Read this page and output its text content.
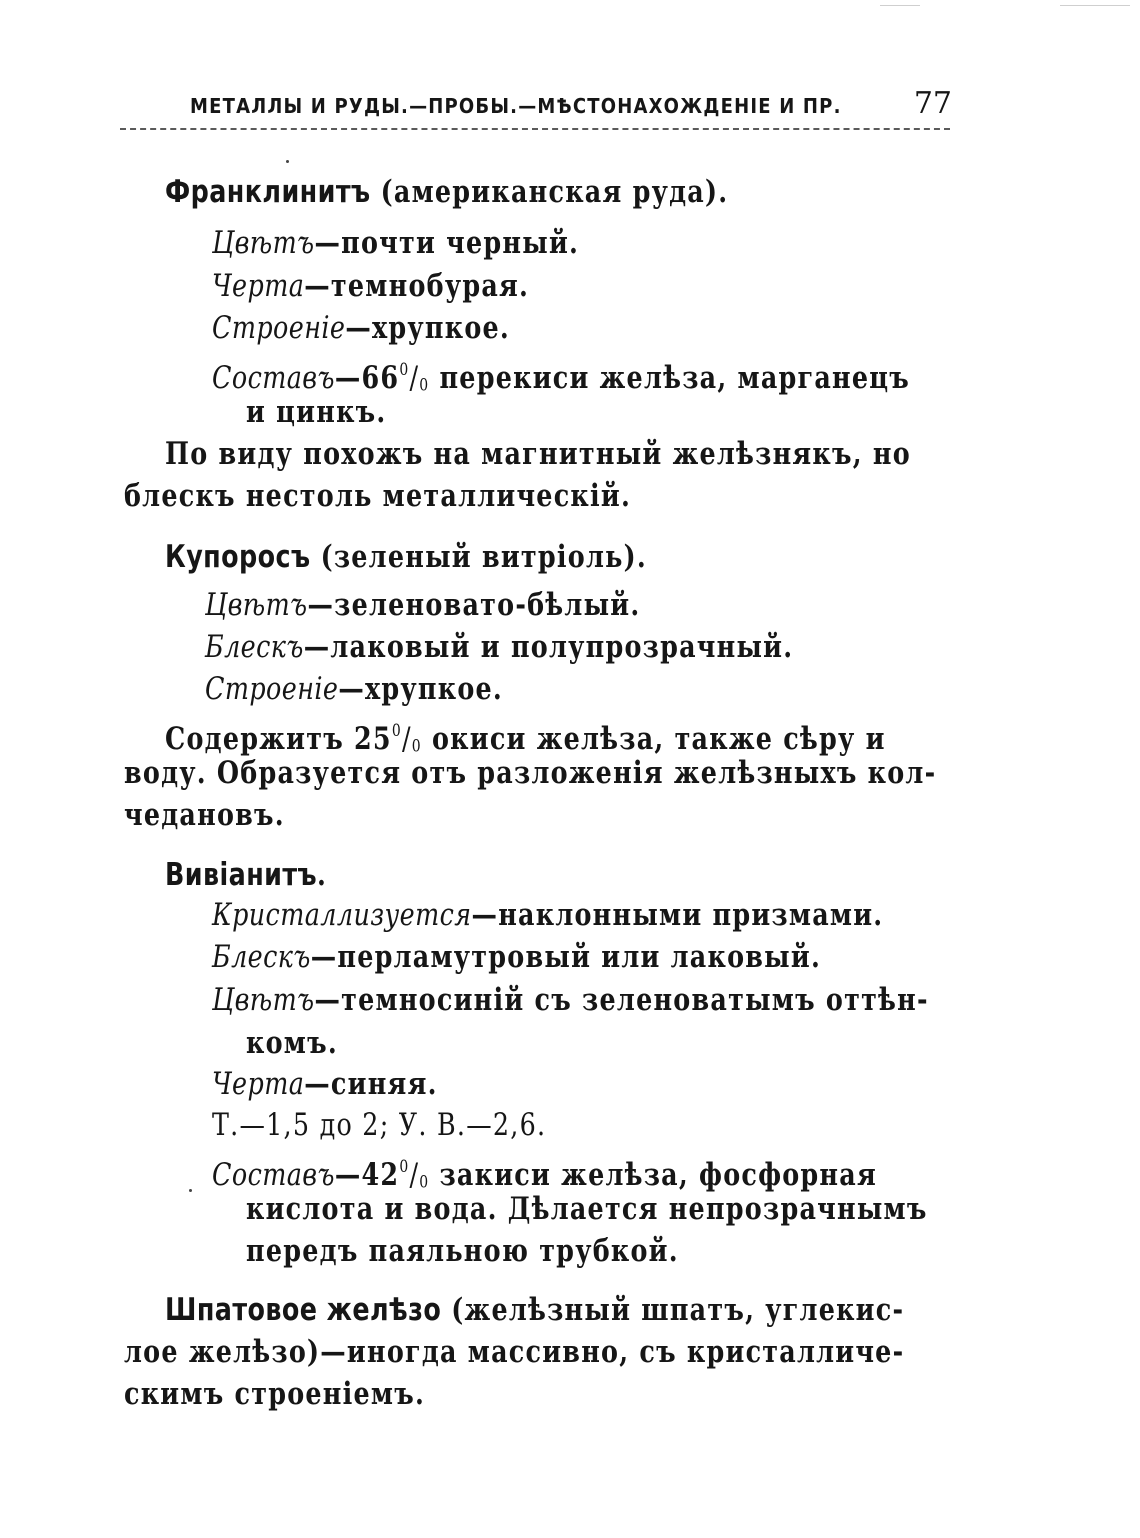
МЕТАЛЛЫ И РУДЫ.—ПРОБЫ.—МѢСТОНАХОЖДЕНІЕ И ПР. 77
Франклинитъ (американская руда).
Цвѣтъ—почти черный.
Черта—темнобурая.
Строеніе—хрупкое.
$Составъ—66^0/_0$ перекиси желѣза, марганецъ
и цинкъ.
По виду похожъ на магнитный желѣзнякъ, но
блескъ нестоль металлическій.
Купоросъ (зеленый витріоль).
Цвѣтъ—зеленовато-бѣлый.
Блескъ—лаковый и полупрозрачный.
Строеніе—хрупкое.
Содержитъ $25^0/_0$ окиси желѣза, также сѣру и
воду. Образуется отъ разложенія желѣзныхъ кол-
чедановъ.
Вивіанитъ.
Кристаллизуется—наклонными призмами.
Блескъ—перламутровый или лаковый.
Цвѣтъ—темносиній съ зеленоватымъ оттѣн-
комъ.
Черта—синяя.
Т.—1,5 до 2; У. В.—2,6.
$Составъ—42^0/_0$ закиси желѣза, фосфорная
кислота и вода. Дѣлается непрозрачнымъ
передъ паяльною трубкой.
Шпатовое желѣзо (желѣзный шпатъ, углекис-
лое желѣзо)—иногда массивно, съ кристалличе-
скимъ строеніемъ.
